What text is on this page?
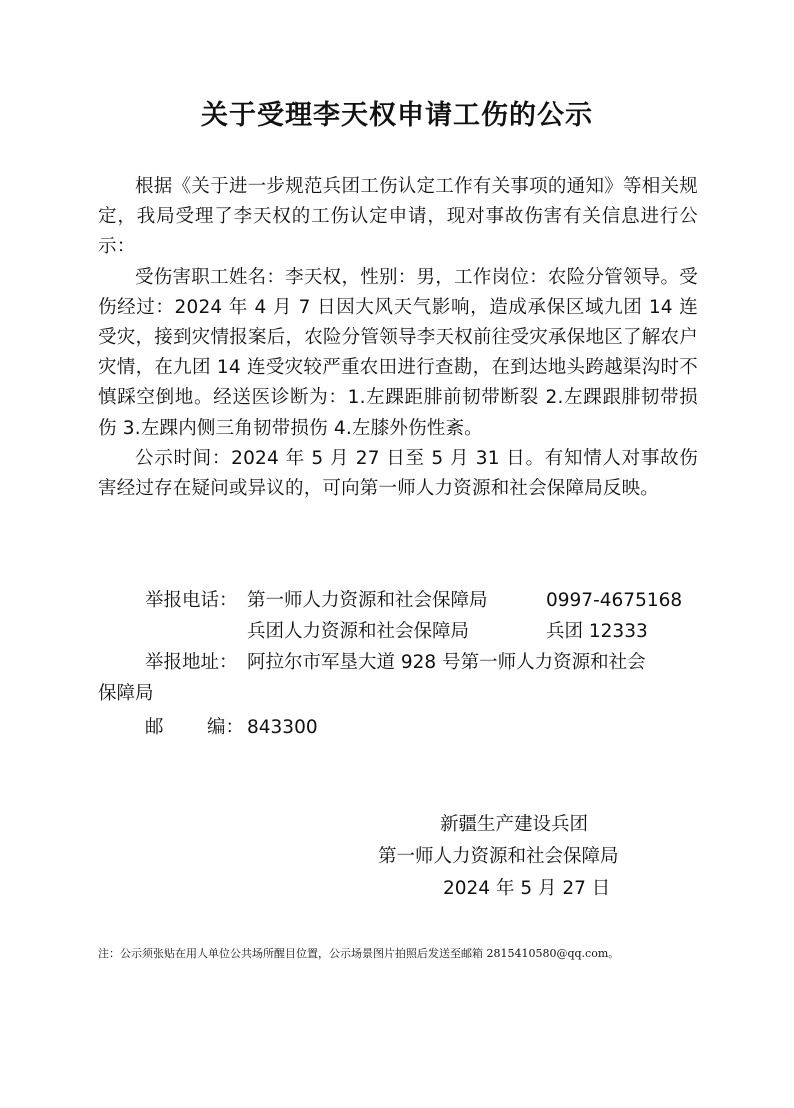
关于受理李天权申请工伤的公示

根据《关于进一步规范兵团工伤认定工作有关事项的通知》等相关规定，我局受理了李天权的工伤认定申请，现对事故伤害有关信息进行公示：

受伤害职工姓名：李天权，性别：男，工作岗位：农险分管领导。受伤经过：2024 年 4 月 7 日因大风天气影响，造成承保区域九团 14 连受灾，接到灾情报案后，农险分管领导李天权前往受灾承保地区了解农户灾情，在九团 14 连受灾较严重农田进行查勘，在到达地头跨越渠沟时不慎踩空倒地。经送医诊断为：1.左踝距腓前韧带断裂 2.左踝跟腓韧带损伤 3.左踝内侧三角韧带损伤 4.左膝外伤性紊。

公示时间：2024 年 5 月 27 日至 5 月 31 日。有知情人对事故伤害经过存在疑问或异议的，可向第一师人力资源和社会保障局反映。

举报电话： 第一师人力资源和社会保障局	0997-4675168
兵团人力资源和社会保障局	兵团 12333
举报地址： 阿拉尔市军垦大道 928 号第一师人力资源和社会
保障局
邮 编： 843300
新疆生产建设兵团
第一师人力资源和社会保障局
2024 年 5 月 27 日
注：公示须张贴在用人单位公共场所醒目位置，公示场景图片拍照后发送至邮箱 2815410580@qq.com。
